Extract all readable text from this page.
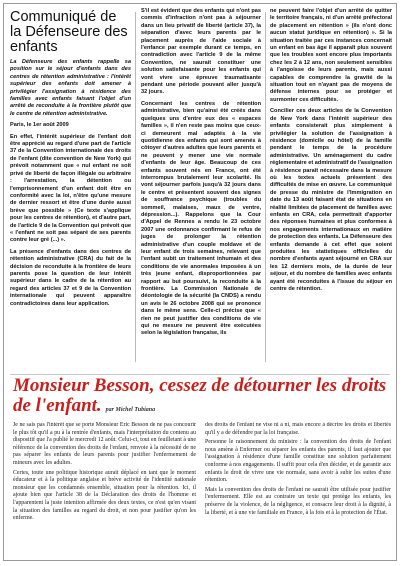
Communiqué de la Défenseure des enfants

La Défenseure des enfants rappelle sa position sur le séjour d'enfants dans des centres de rétention administrative : l'intérêt supérieur des enfants doit amener à privilégier l'assignation à résidence des familles avec enfants faisant l'objet d'un arrêté de reconduite à la frontière plutôt que le centre de rétention administrative.

Paris, le 1er août 2009

En effet, l'intérêt supérieur de l'enfant doit être apprécié au regard d'une part de l'article 37 de la Convention internationale des droits de l'enfant (dite convention de New York) qui prévoit notamment que « nul enfant ne soit privé de liberté de façon illégale ou arbitraire : l'arrestation, la détention ou l'emprisonnement d'un enfant doit être en conformité avec la loi, n'être qu'une mesure de dernier ressort et être d'une durée aussi brève que possible » (Ce texte s'applique pour les centres de rétention), et d'autre part, de l'article 9 de la Convention qui prévoit que « l'enfant ne soit pas séparé de ses parents contre leur gré (...) ».

La présence d'enfants dans des centres de rétention administrative (CRA) du fait de la décision de reconduite à la frontière de leurs parents pose la question de leur intérêt supérieur dans le cadre de la rétention au regard des articles 37 et 9 de la Convention internationale qui peuvent apparaître contradictoires dans leur application.

S'il est évident que des enfants qui n'ont pas commis d'infraction n'ont pas à séjourner dans un lieu privatif de liberté (article 37), la séparation d'avec leurs parents par le placement auprès de l'aide sociale à l'enfance par exemple durant ce temps, en contradiction avec l'article 9 de la même Convention, ne saurait constituer une solution satisfaisante pour les enfants qui vont vivre une épreuve traumatisante pendant une période pouvant aller jusqu'à 32 jours.

Concernant les centres de rétention administrative, bien qu'ainsi été créés dans quelques uns d'entre eux des « espaces familles », il n'en reste pas moins que ceux-ci demeurent mal adaptés à la vie quotidienne des enfants qui sont amenés à côtoyer d'autres adultes que leurs parents et ne peuvent y mener une vie normale d'enfants de leur âge. Beaucoup de ces enfants souvent nés en France, ont été interrompus brutalement leur scolarité. Ils vont séjourner parfois jusqu'à 32 jours dans le centre et présentent souvent des signes de souffrance psychique (troubles du sommeil, malaises, maux de ventre, dépression...). Rappelons que la Cour d'Appel de Rennes a rendu le 23 octobre 2007 une ordonnance confirmant le refus de juges de prolonger la rétention administrative d'un couple moldave et de leur enfant de trois semaines, relevant que l'enfant subit un traitement inhumain et des conditions de vie anormales imposées à un très jeune enfant, disproportionnées par rapport au but poursuivi, la reconduite à la frontière. La Commission Nationale de déontologie de la sécurité (la CNDS) a rendu un avis le 26 octobre 2008 qui se prononce dans le même sens. Celle-ci précise que « rien ne peut justifier des conditions de vie qui ne mesure ne peuvent être exécutées selon la législation française, ils

ne peuvent faire l'objet d'un arrêté de quitter le territoire français, ni d'un arrêté préfectoral de placement en rétention » (ils n'ont donc aucun statut juridique en rétention) ». Si la situation traitée par ces instances concernait un enfant en bas âge il apparaît plus souvent que les troubles sont encore plus importants chez les 2 à 12 ans, non seulement sensibles à l'angoisse de leurs parents, mais aussi capables de comprendre la gravité de la situation tout en n'ayant pas de moyens de défense internes pour se protéger et surmonter ces difficultés.

Concilier ces deux articles de la Convention de New York dans l'intérêt supérieur des enfants consisterait plus simplement à privilégier la solution de l'assignation à résidence (domicile ou hôtel) de la famille pendant le temps de la procédure administrative. Un aménagement du cadre réglementaire et administratif de l'assignation à résidence paraît nécessaire dans la mesure où les textes actuels présentent des difficultés de mise en œuvre. Le communiqué de presse du ministre de l'Immigration en date du 13 août faisant état de situations en réalité limitées de placement de familles avec enfants en CRA, cela permettrait d'apporter des réponses humaines et plus conformes à nos engagements internationaux en matière de protection des enfants. La Défenseure des enfants demande à cet effet que soient produites les statistiques officielles du nombre d'enfants ayant séjourné en CRA sur les 12 derniers mois, de la durée de leur séjour, et du nombre de familles avec enfants ayant été reconduites à l'issue du séjour en centre de rétention.

Monsieur Besson, cessez de détourner les droits de l'enfant. par Michel Tubiana

Je ne sais pas l'intérêt que se porte Monsieur Eric Besson de ne pas concourir le plus tôt qu'il a pu à la rentrée d'enfants, mais l'interprétation du contenu au dispositif que l'a publié le mercredi 12 août. Celui-ci, tout en feuilletant à une référence de la convention des droits de l'enfant, renvoie à la nécessité de ne pas séparer les enfants de leurs parents pour justifier l'enfermement de mineurs avec les adultes.

Certes, toute une politique historique aurait déplacé en tant que le moment éducateur et à la politique anglaise et brève activité de l'identité nationale monsieur que les condamnés ensemble, situation pour la rétention. Ici, il ajoute bien que l'article 38 de la Déclaration des droits de l'homme et l'apparentent la juste intention affirmée des deux textes, ce n'est qu'en visant la situation des familles au regard du droit, et non pour justifier qu'on les enferme.

des droits de l'enfant ne vise ni à ni, mais encore à décrire les droits et libertés qu'il y a de défendre par la loi française.

Personne le raisonnement du ministre : la convention des droits de l'enfant nous amène à Enfermer ou séparer les enfants des parents, il faut ajouter que l'assignation à résidence d'une famille constitue une solution parfaitement conforme à nos engagements. Il suffit pour cela d'en décider, et de garantir aux enfants le droit de vivre une vie normale, sans avoir à subir les suites d'une rétention.

Mais la convention des droits de l'enfant ne saurait être utilisée pour justifier l'enfermement. Elle est au contraire un texte qui protège les enfants, les préserve de la violence, de la négligence, et consacre leur droit à la dignité, à la liberté, et à une vie familiale en France, à la fois et à la protection de l'État.
